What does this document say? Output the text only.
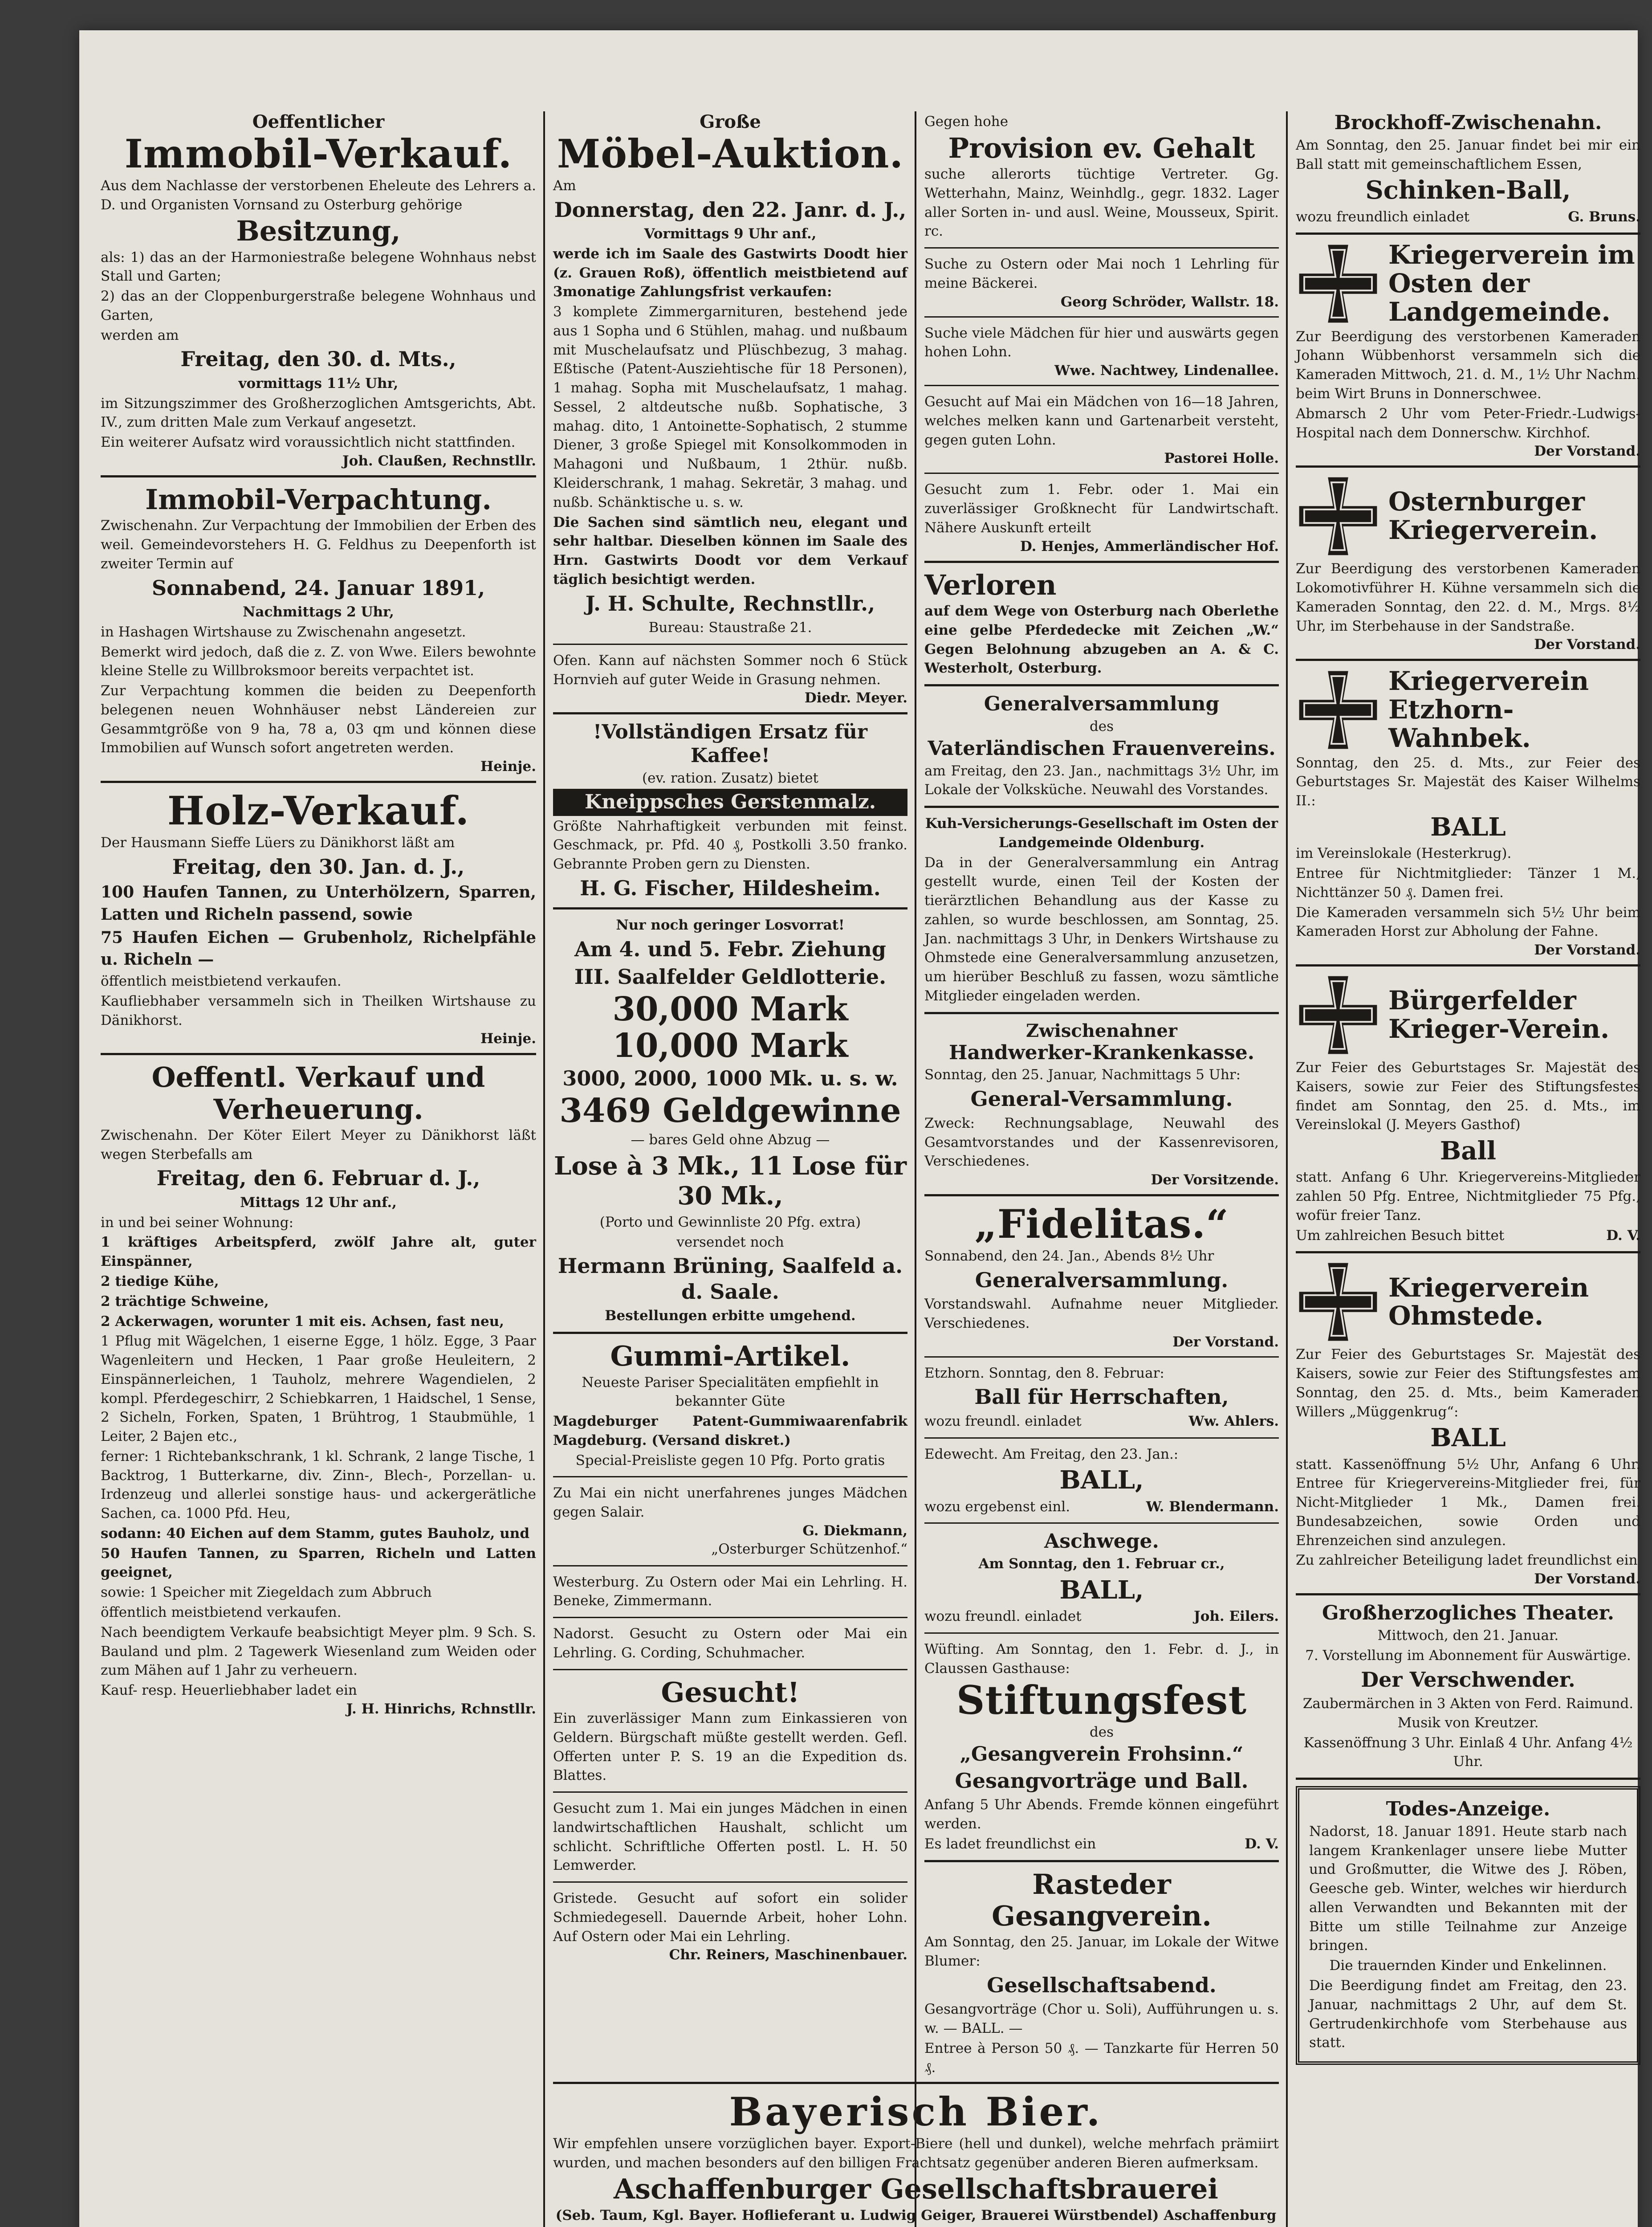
Oeffentlicher
Immobil-Verkauf.
Aus dem Nachlasse der verstorbenen Eheleute des Lehrers a. D. und Organisten Vornsand zu Osterburg gehörige
Besitzung,
als: 1) das an der Harmoniestraße belegene Wohnhaus nebst Stall und Garten;
2) das an der Cloppenburgerstraße belegene Wohnhaus und Garten,
werden am
Freitag, den 30. d. Mts.,
vormittags 11½ Uhr,
im Sitzungszimmer des Großherzoglichen Amtsgerichts, Abt. IV., zum dritten Male zum Verkauf angesetzt.
Ein weiterer Aufsatz wird voraussichtlich nicht stattfinden.
Joh. Claußen, Rechnstllr.
Immobil-Verpachtung.
Zwischenahn. Zur Verpachtung der Immobilien der Erben des weil. Gemeindevorstehers H. G. Feldhus zu Deepenforth ist zweiter Termin auf
Sonnabend, 24. Januar 1891,
Nachmittags 2 Uhr,
in Hashagen Wirtshause zu Zwischenahn angesetzt.
Bemerkt wird jedoch, daß die z. Z. von Wwe. Eilers bewohnte kleine Stelle zu Willbroksmoor bereits verpachtet ist.
Zur Verpachtung kommen die beiden zu Deepenforth belegenen neuen Wohnhäuser nebst Ländereien zur Gesammtgröße von 9 ha, 78 a, 03 qm und können diese Immobilien auf Wunsch sofort angetreten werden.
Heinje.
Holz-Verkauf.
Der Hausmann Sieffe Lüers zu Dänikhorst läßt am
Freitag, den 30. Jan. d. J.,
100 Haufen Tannen, zu Unterhölzern, Sparren, Latten und Richeln passend, sowie
75 Haufen Eichen — Grubenholz, Richelpfähle u. Richeln —
öffentlich meistbietend verkaufen.
Kaufliebhaber versammeln sich in Theilken Wirtshause zu Dänikhorst.
Heinje.
Oeffentl. Verkauf und Verheuerung.
Zwischenahn. Der Köter Eilert Meyer zu Dänikhorst läßt wegen Sterbefalls am
Freitag, den 6. Februar d. J.,
Mittags 12 Uhr anf.,
in und bei seiner Wohnung:
1 kräftiges Arbeitspferd, zwölf Jahre alt, guter Einspänner,
2 tiedige Kühe,
2 trächtige Schweine,
2 Ackerwagen, worunter 1 mit eis. Achsen, fast neu,
1 Pflug mit Wägelchen, 1 eiserne Egge, 1 hölz. Egge, 3 Paar Wagenleitern und Hecken, 1 Paar große Heuleitern, 2 Einspännerleichen, 1 Tauholz, mehrere Wagendielen, 2 kompl. Pferdegeschirr, 2 Schiebkarren, 1 Haidschel, 1 Sense, 2 Sicheln, Forken, Spaten, 1 Brühtrog, 1 Staubmühle, 1 Leiter, 2 Bajen etc.,
ferner: 1 Richtebankschrank, 1 kl. Schrank, 2 lange Tische, 1 Backtrog, 1 Butterkarne, div. Zinn-, Blech-, Porzellan- u. Irdenzeug und allerlei sonstige haus- und ackergerätliche Sachen, ca. 1000 Pfd. Heu,
sodann: 40 Eichen auf dem Stamm, gutes Bauholz, und
50 Haufen Tannen, zu Sparren, Richeln und Latten geeignet,
sowie: 1 Speicher mit Ziegeldach zum Abbruch
öffentlich meistbietend verkaufen.
Nach beendigtem Verkaufe beabsichtigt Meyer plm. 9 Sch. S. Bauland und plm. 2 Tagewerk Wiesenland zum Weiden oder zum Mähen auf 1 Jahr zu verheuern.
Kauf- resp. Heuerliebhaber ladet ein
J. H. Hinrichs, Rchnstllr.
Große
Möbel-Auktion.
Am
Donnerstag, den 22. Janr. d. J.,
Vormittags 9 Uhr anf.,
werde ich im Saale des Gastwirts Doodt hier (z. Grauen Roß), öffentlich meistbietend auf 3monatige Zahlungsfrist verkaufen:
3 komplete Zimmergarnituren, bestehend jede aus 1 Sopha und 6 Stühlen, mahag. und nußbaum mit Muschelaufsatz und Plüschbezug, 3 mahag. Eßtische (Patent-Ausziehtische für 18 Personen), 1 mahag. Sopha mit Muschelaufsatz, 1 mahag. Sessel, 2 altdeutsche nußb. Sophatische, 3 mahag. dito, 1 Antoinette-Sophatisch, 2 stumme Diener, 3 große Spiegel mit Konsolkommoden in Mahagoni und Nußbaum, 1 2thür. nußb. Kleiderschrank, 1 mahag. Sekretär, 3 mahag. und nußb. Schänktische u. s. w.
Die Sachen sind sämtlich neu, elegant und sehr haltbar. Dieselben können im Saale des Hrn. Gastwirts Doodt vor dem Verkauf täglich besichtigt werden.
J. H. Schulte, Rechnstllr.,
Bureau: Staustraße 21.
Ofen. Kann auf nächsten Sommer noch 6 Stück Hornvieh auf guter Weide in Grasung nehmen.
Diedr. Meyer.
!Vollständigen Ersatz für Kaffee!
(ev. ration. Zusatz) bietet
Kneippsches Gerstenmalz.
Größte Nahrhaftigkeit verbunden mit feinst. Geschmack, pr. Pfd. 40 ₰, Postkolli 3.50 franko. Gebrannte Proben gern zu Diensten.
H. G. Fischer, Hildesheim.
Nur noch geringer Losvorrat!
Am 4. und 5. Febr. Ziehung
III. Saalfelder Geldlotterie.
30,000 Mark
10,000 Mark
3000, 2000, 1000 Mk. u. s. w.
3469 Geldgewinne
— bares Geld ohne Abzug —
Lose à 3 Mk., 11 Lose für 30 Mk.,
(Porto und Gewinnliste 20 Pfg. extra)
versendet noch
Hermann Brüning, Saalfeld a. d. Saale.
Bestellungen erbitte umgehend.
Gummi-Artikel.
Neueste Pariser Specialitäten empfiehlt in bekannter Güte
Magdeburger Patent-Gummiwaarenfabrik Magdeburg. (Versand diskret.)
Special-Preisliste gegen 10 Pfg. Porto gratis
Zu Mai ein nicht unerfahrenes junges Mädchen gegen Salair.
G. Diekmann,
„Osterburger Schützenhof.“
Westerburg. Zu Ostern oder Mai ein Lehrling. H. Beneke, Zimmermann.
Nadorst. Gesucht zu Ostern oder Mai ein Lehrling. G. Cording, Schuhmacher.
Gesucht!
Ein zuverlässiger Mann zum Einkassieren von Geldern. Bürgschaft müßte gestellt werden. Gefl. Offerten unter P. S. 19 an die Expedition ds. Blattes.
Gesucht zum 1. Mai ein junges Mädchen in einen landwirtschaftlichen Haushalt, schlicht um schlicht. Schriftliche Offerten postl. L. H. 50 Lemwerder.
Gristede. Gesucht auf sofort ein solider Schmiedegesell. Dauernde Arbeit, hoher Lohn. Auf Ostern oder Mai ein Lehrling.
Chr. Reiners, Maschinenbauer.
Gegen hohe
Provision ev. Gehalt
suche allerorts tüchtige Vertreter. Gg. Wetterhahn, Mainz, Weinhdlg., gegr. 1832. Lager aller Sorten in- und ausl. Weine, Mousseux, Spirit. rc.
Suche zu Ostern oder Mai noch 1 Lehrling für meine Bäckerei.
Georg Schröder, Wallstr. 18.
Suche viele Mädchen für hier und auswärts gegen hohen Lohn.
Wwe. Nachtwey, Lindenallee.
Gesucht auf Mai ein Mädchen von 16—18 Jahren, welches melken kann und Gartenarbeit versteht, gegen guten Lohn.
Pastorei Holle.
Gesucht zum 1. Febr. oder 1. Mai ein zuverlässiger Großknecht für Landwirtschaft. Nähere Auskunft erteilt
D. Henjes, Ammerländischer Hof.
Verloren
auf dem Wege von Osterburg nach Oberlethe eine gelbe Pferdedecke mit Zeichen „W.“ Gegen Belohnung abzugeben an A. & C. Westerholt, Osterburg.
Generalversammlung
des
Vaterländischen Frauenvereins.
am Freitag, den 23. Jan., nachmittags 3½ Uhr, im Lokale der Volksküche. Neuwahl des Vorstandes.
Kuh-Versicherungs-Gesellschaft im Osten der Landgemeinde Oldenburg.
Da in der Generalversammlung ein Antrag gestellt wurde, einen Teil der Kosten der tierärztlichen Behandlung aus der Kasse zu zahlen, so wurde beschlossen, am Sonntag, 25. Jan. nachmittags 3 Uhr, in Denkers Wirtshause zu Ohmstede eine Generalversammlung anzusetzen, um hierüber Beschluß zu fassen, wozu sämtliche Mitglieder eingeladen werden.
Zwischenahner
Handwerker-Krankenkasse.
Sonntag, den 25. Januar, Nachmittags 5 Uhr:
General-Versammlung.
Zweck: Rechnungsablage, Neuwahl des Gesamtvorstandes und der Kassenrevisoren, Verschiedenes.
Der Vorsitzende.
„Fidelitas.“
Sonnabend, den 24. Jan., Abends 8½ Uhr
Generalversammlung.
Vorstandswahl. Aufnahme neuer Mitglieder. Verschiedenes.
Der Vorstand.
Etzhorn. Sonntag, den 8. Februar:
Ball für Herrschaften,
wozu freundl. einladet	Ww. Ahlers.
Edewecht. Am Freitag, den 23. Jan.:
BALL,
wozu ergebenst einl.	W. Blendermann.
Aschwege.
Am Sonntag, den 1. Februar cr.,
BALL,
wozu freundl. einladet	Joh. Eilers.
Wüfting. Am Sonntag, den 1. Febr. d. J., in Claussen Gasthause:
Stiftungsfest
des
„Gesangverein Frohsinn.“
Gesangvorträge und Ball.
Anfang 5 Uhr Abends. Fremde können eingeführt werden.
Es ladet freundlichst ein	D. V.
Rasteder Gesangverein.
Am Sonntag, den 25. Januar, im Lokale der Witwe Blumer:
Gesellschaftsabend.
Gesangvorträge (Chor u. Soli), Aufführungen u. s. w. — BALL. —
Entree à Person 50 ₰. — Tanzkarte für Herren 50 ₰.
Brockhoff-Zwischenahn.
Am Sonntag, den 25. Januar findet bei mir ein Ball statt mit gemeinschaftlichem Essen,
Schinken-Ball,
wozu freundlich einladet	G. Bruns.
Kriegerverein im Osten der Landgemeinde.
Zur Beerdigung des verstorbenen Kameraden Johann Wübbenhorst versammeln sich die Kameraden Mittwoch, 21. d. M., 1½ Uhr Nachm. beim Wirt Bruns in Donnerschwee.
Abmarsch 2 Uhr vom Peter-Friedr.-Ludwigs-Hospital nach dem Donnerschw. Kirchhof.
Der Vorstand.
Osternburger Kriegerverein.
Zur Beerdigung des verstorbenen Kameraden Lokomotivführer H. Kühne versammeln sich die Kameraden Sonntag, den 22. d. M., Mrgs. 8½ Uhr, im Sterbehause in der Sandstraße.
Der Vorstand.
Kriegerverein Etzhorn-Wahnbek.
Sonntag, den 25. d. Mts., zur Feier des Geburtstages Sr. Majestät des Kaiser Wilhelms II.:
BALL
im Vereinslokale (Hesterkrug).
Entree für Nichtmitglieder: Tänzer 1 M., Nichttänzer 50 ₰. Damen frei.
Die Kameraden versammeln sich 5½ Uhr beim Kameraden Horst zur Abholung der Fahne.
Der Vorstand.
Bürgerfelder Krieger-Verein.
Zur Feier des Geburtstages Sr. Majestät des Kaisers, sowie zur Feier des Stiftungsfestes findet am Sonntag, den 25. d. Mts., im Vereinslokal (J. Meyers Gasthof)
Ball
statt. Anfang 6 Uhr. Kriegervereins-Mitglieder zahlen 50 Pfg. Entree, Nichtmitglieder 75 Pfg., wofür freier Tanz.
Um zahlreichen Besuch bittet	D. V.
Kriegerverein Ohmstede.
Zur Feier des Geburtstages Sr. Majestät des Kaisers, sowie zur Feier des Stiftungsfestes am Sonntag, den 25. d. Mts., beim Kameraden Willers „Müggenkrug“:
BALL
statt. Kassenöffnung 5½ Uhr, Anfang 6 Uhr. Entree für Kriegervereins-Mitglieder frei, für Nicht-Mitglieder 1 Mk., Damen frei. Bundesabzeichen, sowie Orden und Ehrenzeichen sind anzulegen.
Zu zahlreicher Beteiligung ladet freundlichst ein
Der Vorstand.
Großherzogliches Theater.
Mittwoch, den 21. Januar.
7. Vorstellung im Abonnement für Auswärtige.
Der Verschwender.
Zaubermärchen in 3 Akten von Ferd. Raimund. Musik von Kreutzer.
Kassenöffnung 3 Uhr. Einlaß 4 Uhr. Anfang 4½ Uhr.
Todes-Anzeige.
Nadorst, 18. Januar 1891. Heute starb nach langem Krankenlager unsere liebe Mutter und Großmutter, die Witwe des J. Röben, Geesche geb. Winter, welches wir hierdurch allen Verwandten und Bekannten mit der Bitte um stille Teilnahme zur Anzeige bringen.
Die trauernden Kinder und Enkelinnen.
Die Beerdigung findet am Freitag, den 23. Januar, nachmittags 2 Uhr, auf dem St. Gertrudenkirchhofe vom Sterbehause aus statt.
Bayerisch Bier.
Wir empfehlen unsere vorzüglichen bayer. Export-Biere (hell und dunkel), welche mehrfach prämiirt wurden, und machen besonders auf den billigen Frachtsatz gegenüber anderen Bieren aufmerksam.
Aschaffenburger Gesellschaftsbrauerei
(Seb. Taum, Kgl. Bayer. Hoflieferant u. Ludwig Geiger, Brauerei Würstbendel) Aschaffenburg
